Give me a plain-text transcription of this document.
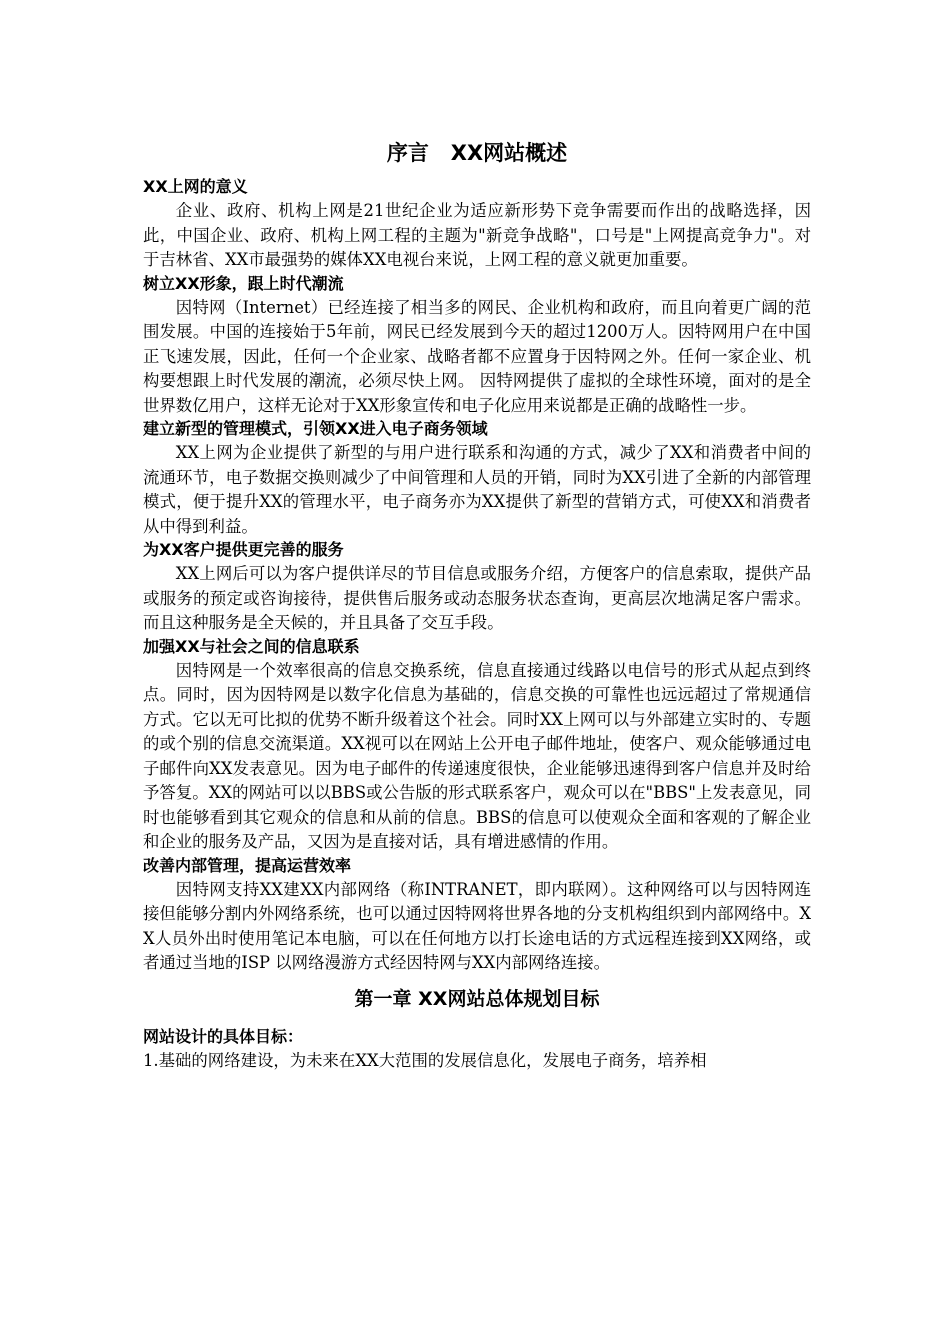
序言   XX网站概述
XX上网的意义

企业、政府、机构上网是21世纪企业为适应新形势下竞争需要而作出的战略选择，因此，中国企业、政府、机构上网工程的主题为"新竞争战略"，口号是"上网提高竞争力"。对于吉林省、XX市最强势的媒体XX电视台来说，上网工程的意义就更加重要。

树立XX形象，跟上时代潮流

因特网（Internet）已经连接了相当多的网民、企业机构和政府，而且向着更广阔的范围发展。中国的连接始于5年前，网民已经发展到今天的超过1200万人。因特网用户在中国正飞速发展，因此，任何一个企业家、战略者都不应置身于因特网之外。任何一家企业、机构要想跟上时代发展的潮流，必须尽快上网。 因特网提供了虚拟的全球性环境，面对的是全世界数亿用户，这样无论对于XX形象宣传和电子化应用来说都是正确的战略性一步。

建立新型的管理模式，引领XX进入电子商务领域

XX上网为企业提供了新型的与用户进行联系和沟通的方式，减少了XX和消费者中间的流通环节，电子数据交换则减少了中间管理和人员的开销，同时为XX引进了全新的内部管理模式，便于提升XX的管理水平，电子商务亦为XX提供了新型的营销方式，可使XX和消费者从中得到利益。

为XX客户提供更完善的服务

XX上网后可以为客户提供详尽的节目信息或服务介绍，方便客户的信息索取，提供产品或服务的预定或咨询接待，提供售后服务或动态服务状态查询，更高层次地满足客户需求。而且这种服务是全天候的，并且具备了交互手段。

加强XX与社会之间的信息联系

因特网是一个效率很高的信息交换系统，信息直接通过线路以电信号的形式从起点到终点。同时，因为因特网是以数字化信息为基础的，信息交换的可靠性也远远超过了常规通信方式。它以无可比拟的优势不断升级着这个社会。同时XX上网可以与外部建立实时的、专题的或个别的信息交流渠道。XX视可以在网站上公开电子邮件地址，使客户、观众能够通过电子邮件向XX发表意见。因为电子邮件的传递速度很快，企业能够迅速得到客户信息并及时给予答复。XX的网站可以以BBS或公告版的形式联系客户，观众可以在"BBS"上发表意见，同时也能够看到其它观众的信息和从前的信息。BBS的信息可以使观众全面和客观的了解企业和企业的服务及产品，又因为是直接对话，具有增进感情的作用。

改善内部管理，提高运营效率

因特网支持XX建XX内部网络（称INTRANET，即内联网）。这种网络可以与因特网连接但能够分割内外网络系统，也可以通过因特网将世界各地的分支机构组织到内部网络中。XX人员外出时使用笔记本电脑，可以在任何地方以打长途电话的方式远程连接到XX网络，或者通过当地的ISP 以网络漫游方式经因特网与XX内部网络连接。

第一章 XX网站总体规划目标
网站设计的具体目标：

1.基础的网络建设，为未来在XX大范围的发展信息化，发展电子商务，培养相
